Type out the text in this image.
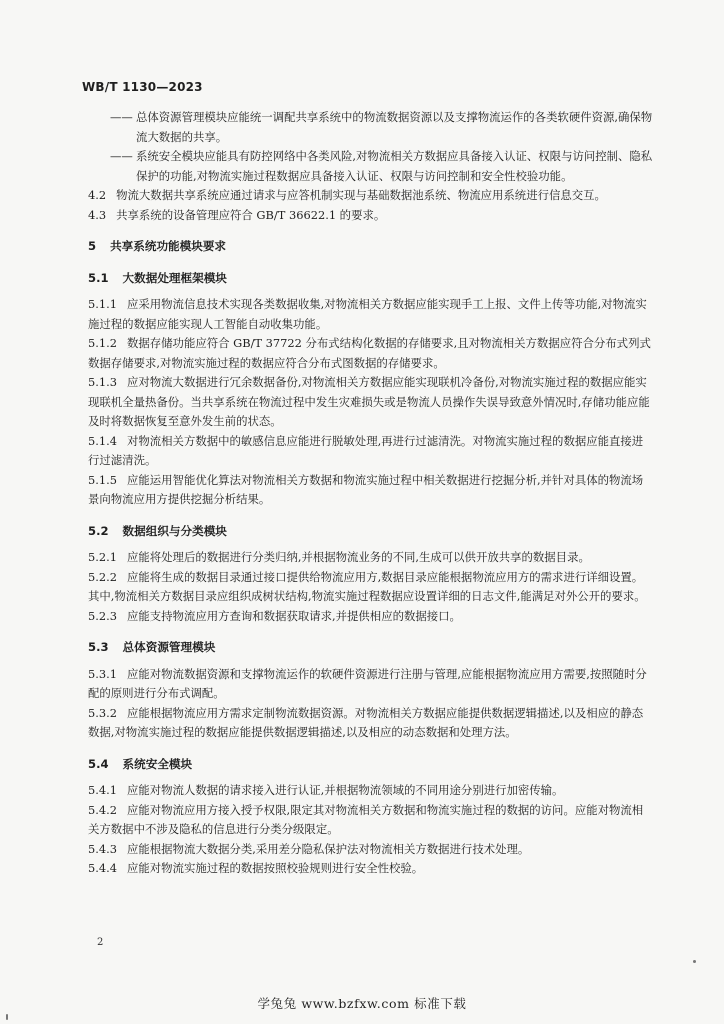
WB/T 1130—2023
—— 总体资源管理模块应能统一调配共享系统中的物流数据资源以及支撑物流运作的各类软硬件资源,确保物流大数据的共享。
—— 系统安全模块应能具有防控网络中各类风险,对物流相关方数据应具备接入认证、权限与访问控制、隐私保护的功能,对物流实施过程数据应具备接入认证、权限与访问控制和安全性校验功能。

4.2 物流大数据共享系统应通过请求与应答机制实现与基础数据池系统、物流应用系统进行信息交互。

4.3 共享系统的设备管理应符合 GB/T 36622.1 的要求。

5 共享系统功能模块要求
5.1 大数据处理框架模块

5.1.1 应采用物流信息技术实现各类数据收集,对物流相关方数据应能实现手工上报、文件上传等功能,对物流实施过程的数据应能实现人工智能自动收集功能。

5.1.2 数据存储功能应符合 GB/T 37722 分布式结构化数据的存储要求,且对物流相关方数据应符合分布式列式数据存储要求,对物流实施过程的数据应符合分布式图数据的存储要求。

5.1.3 应对物流大数据进行冗余数据备份,对物流相关方数据应能实现联机冷备份,对物流实施过程的数据应能实现联机全量热备份。当共享系统在物流过程中发生灾难损失或是物流人员操作失误导致意外情况时,存储功能应能及时将数据恢复至意外发生前的状态。

5.1.4 对物流相关方数据中的敏感信息应能进行脱敏处理,再进行过滤清洗。对物流实施过程的数据应能直接进行过滤清洗。

5.1.5 应能运用智能优化算法对物流相关方数据和物流实施过程中相关数据进行挖掘分析,并针对具体的物流场景向物流应用方提供挖掘分析结果。

5.2 数据组织与分类模块

5.2.1 应能将处理后的数据进行分类归纳,并根据物流业务的不同,生成可以供开放共享的数据目录。

5.2.2 应能将生成的数据目录通过接口提供给物流应用方,数据目录应能根据物流应用方的需求进行详细设置。其中,物流相关方数据目录应组织成树状结构,物流实施过程数据应设置详细的日志文件,能满足对外公开的要求。

5.2.3 应能支持物流应用方查询和数据获取请求,并提供相应的数据接口。

5.3 总体资源管理模块

5.3.1 应能对物流数据资源和支撑物流运作的软硬件资源进行注册与管理,应能根据物流应用方需要,按照随时分配的原则进行分布式调配。

5.3.2 应能根据物流应用方需求定制物流数据资源。对物流相关方数据应能提供数据逻辑描述,以及相应的静态数据,对物流实施过程的数据应能提供数据逻辑描述,以及相应的动态数据和处理方法。

5.4 系统安全模块

5.4.1 应能对物流人数据的请求接入进行认证,并根据物流领域的不同用途分别进行加密传输。

5.4.2 应能对物流应用方接入授予权限,限定其对物流相关方数据和物流实施过程的数据的访问。应能对物流相关方数据中不涉及隐私的信息进行分类分级限定。

5.4.3 应能根据物流大数据分类,采用差分隐私保护法对物流相关方数据进行技术处理。

5.4.4 应能对物流实施过程的数据按照校验规则进行安全性校验。

2
学兔兔 www.bzfxw.com 标准下载
